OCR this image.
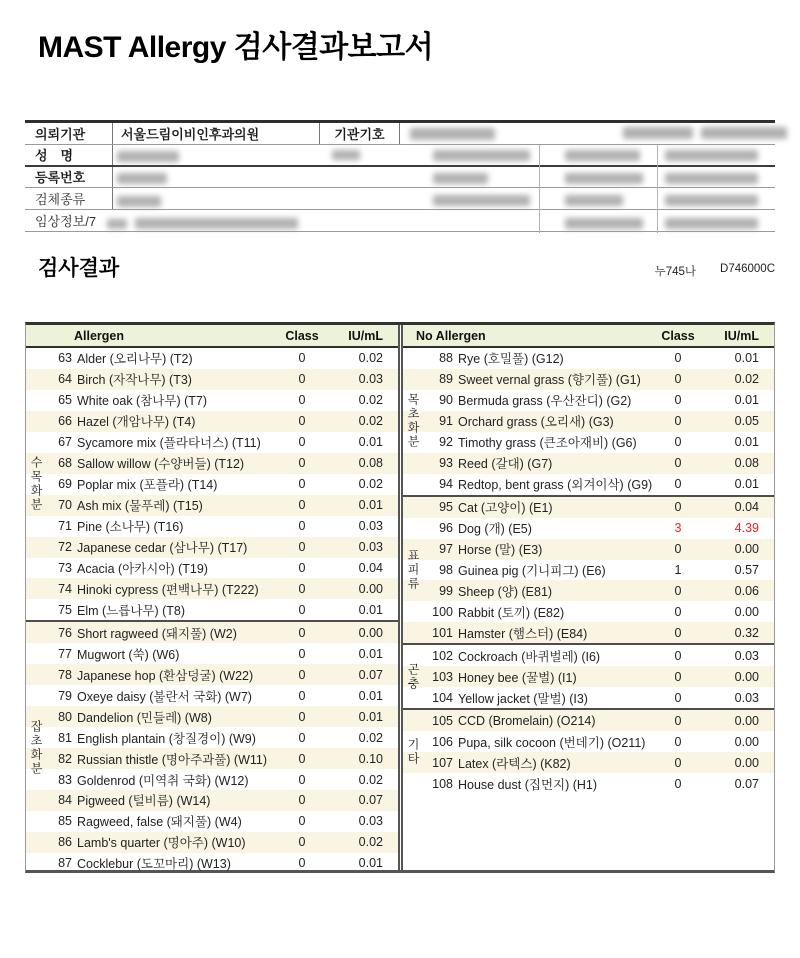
MAST Allergy 검사결과보고서
의뢰기관	서울드림이비인후과의원	기관기호
성　명
등록번호
검체종류
임상정보/7
검사결과	누745나 D746000C
Allergen	Class	IU/mL
수목화분
63 Alder (오리나무) (T2)	0	0.02
64 Birch (자작나무) (T3)	0	0.03
65 White oak (참나무) (T7)	0	0.02
66 Hazel (개암나무) (T4)	0	0.02
67 Sycamore mix (플라타너스) (T11)	0	0.01
68 Sallow willow (수양버들) (T12)	0	0.08
69 Poplar mix (포플라) (T14)	0	0.02
70 Ash mix (물푸레) (T15)	0	0.01
71 Pine (소나무) (T16)	0	0.03
72 Japanese cedar (삼나무) (T17)	0	0.03
73 Acacia (아카시아) (T19)	0	0.04
74 Hinoki cypress (편백나무) (T222)	0	0.00
75 Elm (느릅나무) (T8)	0	0.01
잡초화분
76 Short ragweed (돼지풀) (W2)	0	0.00
77 Mugwort (쑥) (W6)	0	0.01
78 Japanese hop (환삼덩굴) (W22)	0	0.07
79 Oxeye daisy (불란서 국화) (W7)	0	0.01
80 Dandelion (민들레) (W8)	0	0.01
81 English plantain (창질경이) (W9)	0	0.02
82 Russian thistle (명아주과풀) (W11)	0	0.10
83 Goldenrod (미역취 국화) (W12)	0	0.02
84 Pigweed (털비름) (W14)	0	0.07
85 Ragweed, false (돼지풀) (W4)	0	0.03
86 Lamb's quarter (명아주) (W10)	0	0.02
87 Cocklebur (도꼬마리) (W13)	0	0.01
No Allergen	Class	IU/mL
목초화분
88 Rye (호밀풀) (G12)	0	0.01
89 Sweet vernal grass (향기풀) (G1)	0	0.02
90 Bermuda grass (우산잔디) (G2)	0	0.01
91 Orchard grass (오리새) (G3)	0	0.05
92 Timothy grass (큰조아재비) (G6)	0	0.01
93 Reed (갈대) (G7)	0	0.08
94 Redtop, bent grass (외겨이삭) (G9)	0	0.01
표피류
95 Cat (고양이) (E1)	0	0.04
96 Dog (개) (E5)	3	4.39
97 Horse (말) (E3)	0	0.00
98 Guinea pig (기니피그) (E6)	1	0.57
99 Sheep (양) (E81)	0	0.06
100 Rabbit (토끼) (E82)	0	0.00
101 Hamster (햄스터) (E84)	0	0.32
곤충
102 Cockroach (바퀴벌레) (I6)	0	0.03
103 Honey bee (꿀벌) (I1)	0	0.00
104 Yellow jacket (말벌) (I3)	0	0.03
기타
105 CCD (Bromelain) (O214)	0	0.00
106 Pupa, silk cocoon (번데기) (O211)	0	0.00
107 Latex (라텍스) (K82)	0	0.00
108 House dust (집먼지) (H1)	0	0.07
